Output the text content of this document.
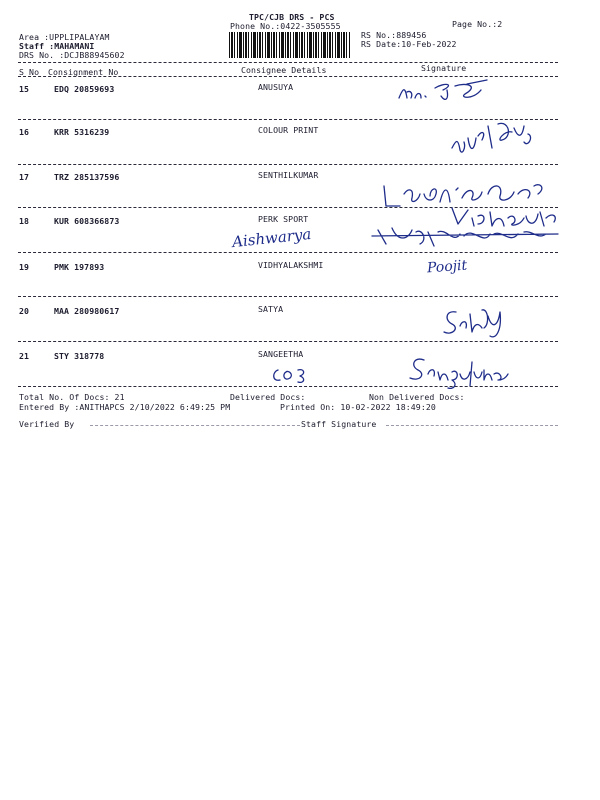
TPC/CJB DRS - PCS
Phone No.:0422-3505555	Page No.:2
Area :UPPLIPALAYAM
Staff :MAHAMANI
DRS No. :DCJB88945602
RS No.:889456
RS Date:10-Feb-2022
S No Consignment No	Consignee Details	Signature
15	EDQ 20859693	ANUSUYA
16	KRR 5316239	COLOUR PRINT
17	TRZ 285137596	SENTHILKUMAR
18	KUR 608366873	PERK SPORT
Aishwarya
19	PMK 197893	VIDHYALAKSHMI	Poojit
20	MAA 280980617	SATYA
21	STY 318778	SANGEETHA
Total No. Of Docs: 21	Delivered Docs:	Non Delivered Docs:
Entered By :ANITHAPCS 2/10/2022 6:49:25 PM	Printed On: 10-02-2022 18:49:20
Verified By	Staff Signature
